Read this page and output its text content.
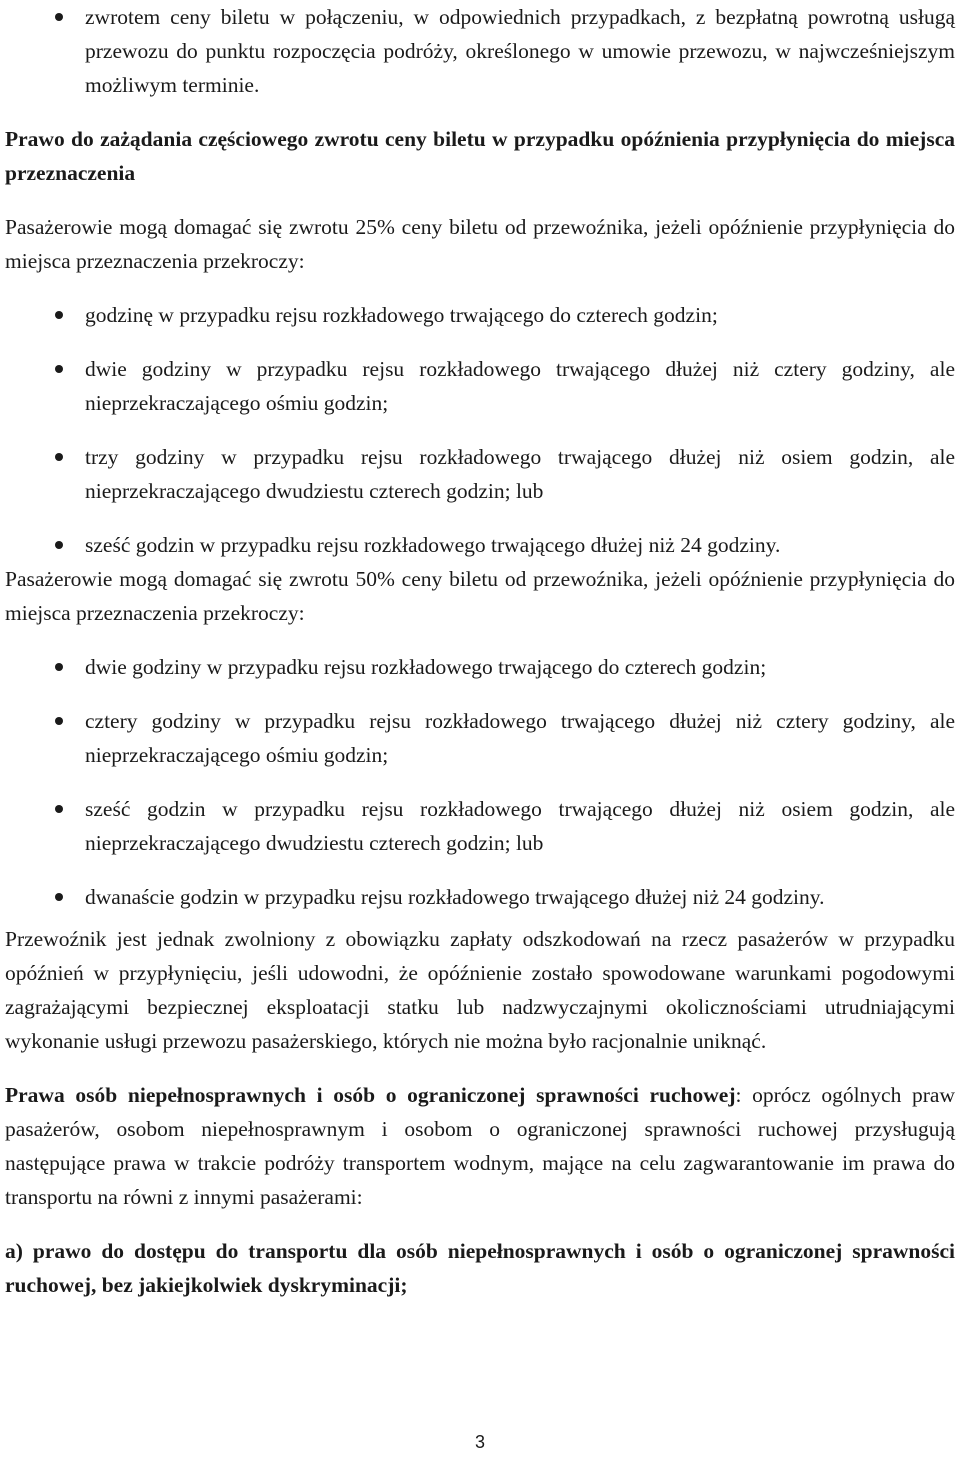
zwrotem ceny biletu w połączeniu, w odpowiednich przypadkach, z bezpłatną powrotną usługą przewozu do punktu rozpoczęcia podróży, określonego w umowie przewozu, w najwcześniejszym możliwym terminie.

Prawo do zażądania częściowego zwrotu ceny biletu w przypadku opóźnienia przypłynięcia do miejsca przeznaczenia

Pasażerowie mogą domagać się zwrotu 25% ceny biletu od przewoźnika, jeżeli opóźnienie przypłynięcia do miejsca przeznaczenia przekroczy:

godzinę w przypadku rejsu rozkładowego trwającego do czterech godzin;
dwie godziny w przypadku rejsu rozkładowego trwającego dłużej niż cztery godziny, ale nieprzekraczającego ośmiu godzin;
trzy godziny w przypadku rejsu rozkładowego trwającego dłużej niż osiem godzin, ale nieprzekraczającego dwudziestu czterech godzin; lub
sześć godzin w przypadku rejsu rozkładowego trwającego dłużej niż 24 godziny.

Pasażerowie mogą domagać się zwrotu 50% ceny biletu od przewoźnika, jeżeli opóźnienie przypłynięcia do miejsca przeznaczenia przekroczy:

dwie godziny w przypadku rejsu rozkładowego trwającego do czterech godzin;
cztery godziny w przypadku rejsu rozkładowego trwającego dłużej niż cztery godziny, ale nieprzekraczającego ośmiu godzin;
sześć godzin w przypadku rejsu rozkładowego trwającego dłużej niż osiem godzin, ale nieprzekraczającego dwudziestu czterech godzin; lub
dwanaście godzin w przypadku rejsu rozkładowego trwającego dłużej niż 24 godziny.

Przewoźnik jest jednak zwolniony z obowiązku zapłaty odszkodowań na rzecz pasażerów w przypadku opóźnień w przypłynięciu, jeśli udowodni, że opóźnienie zostało spowodowane warunkami pogodowymi zagrażającymi bezpiecznej eksploatacji statku lub nadzwyczajnymi okolicznościami utrudniającymi wykonanie usługi przewozu pasażerskiego, których nie można było racjonalnie uniknąć.

Prawa osób niepełnosprawnych i osób o ograniczonej sprawności ruchowej: oprócz ogólnych praw pasażerów, osobom niepełnosprawnym i osobom o ograniczonej sprawności ruchowej przysługują następujące prawa w trakcie podróży transportem wodnym, mające na celu zagwarantowanie im prawa do transportu na równi z innymi pasażerami:

a) prawo do dostępu do transportu dla osób niepełnosprawnych i osób o ograniczonej sprawności ruchowej, bez jakiejkolwiek dyskryminacji;

3
